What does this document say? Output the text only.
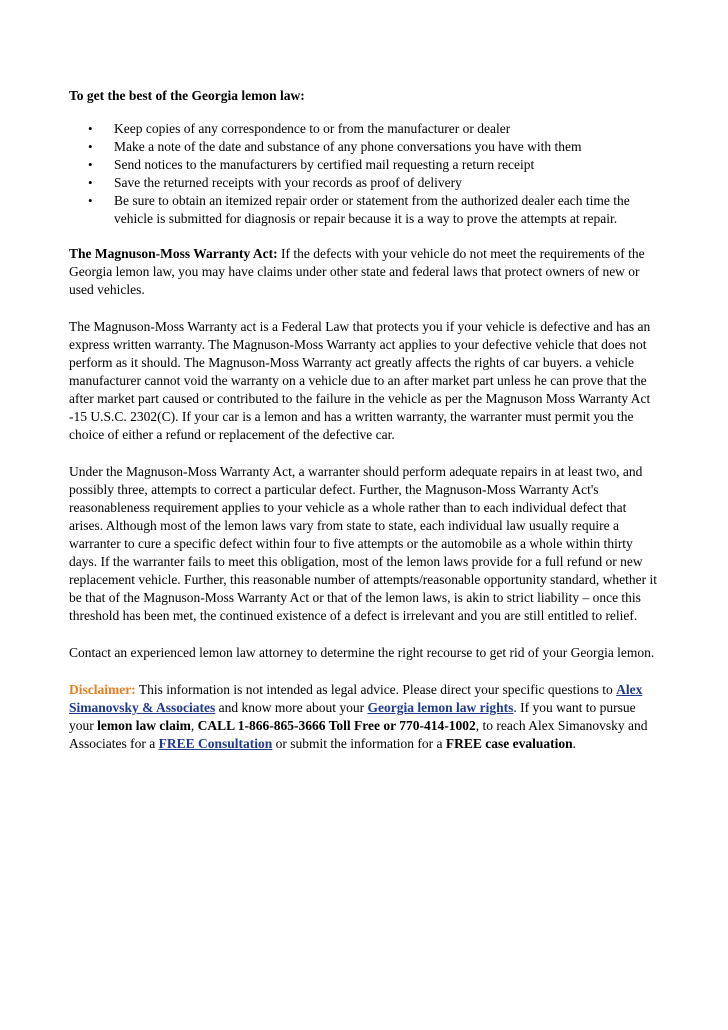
To get the best of the Georgia lemon law:

• Keep copies of any correspondence to or from the manufacturer or dealer
• Make a note of the date and substance of any phone conversations you have with them
• Send notices to the manufacturers by certified mail requesting a return receipt
• Save the returned receipts with your records as proof of delivery
• Be sure to obtain an itemized repair order or statement from the authorized dealer each time the vehicle is submitted for diagnosis or repair because it is a way to prove the attempts at repair.

The Magnuson-Moss Warranty Act: If the defects with your vehicle do not meet the requirements of the Georgia lemon law, you may have claims under other state and federal laws that protect owners of new or used vehicles.

The Magnuson-Moss Warranty act is a Federal Law that protects you if your vehicle is defective and has an express written warranty. The Magnuson-Moss Warranty act applies to your defective vehicle that does not perform as it should. The Magnuson-Moss Warranty act greatly affects the rights of car buyers. a vehicle manufacturer cannot void the warranty on a vehicle due to an after market part unless he can prove that the after market part caused or contributed to the failure in the vehicle as per the Magnuson Moss Warranty Act -15 U.S.C. 2302(C). If your car is a lemon and has a written warranty, the warranter must permit you the choice of either a refund or replacement of the defective car.

Under the Magnuson-Moss Warranty Act, a warranter should perform adequate repairs in at least two, and possibly three, attempts to correct a particular defect. Further, the Magnuson-Moss Warranty Act's reasonableness requirement applies to your vehicle as a whole rather than to each individual defect that arises. Although most of the lemon laws vary from state to state, each individual law usually require a warranter to cure a specific defect within four to five attempts or the automobile as a whole within thirty days. If the warranter fails to meet this obligation, most of the lemon laws provide for a full refund or new replacement vehicle. Further, this reasonable number of attempts/reasonable opportunity standard, whether it be that of the Magnuson-Moss Warranty Act or that of the lemon laws, is akin to strict liability – once this threshold has been met, the continued existence of a defect is irrelevant and you are still entitled to relief.

Contact an experienced lemon law attorney to determine the right recourse to get rid of your Georgia lemon.

Disclaimer: This information is not intended as legal advice. Please direct your specific questions to Alex Simanovsky & Associates and know more about your Georgia lemon law rights. If you want to pursue your lemon law claim, CALL 1-866-865-3666 Toll Free or 770-414-1002, to reach Alex Simanovsky and Associates for a FREE Consultation or submit the information for a FREE case evaluation.
